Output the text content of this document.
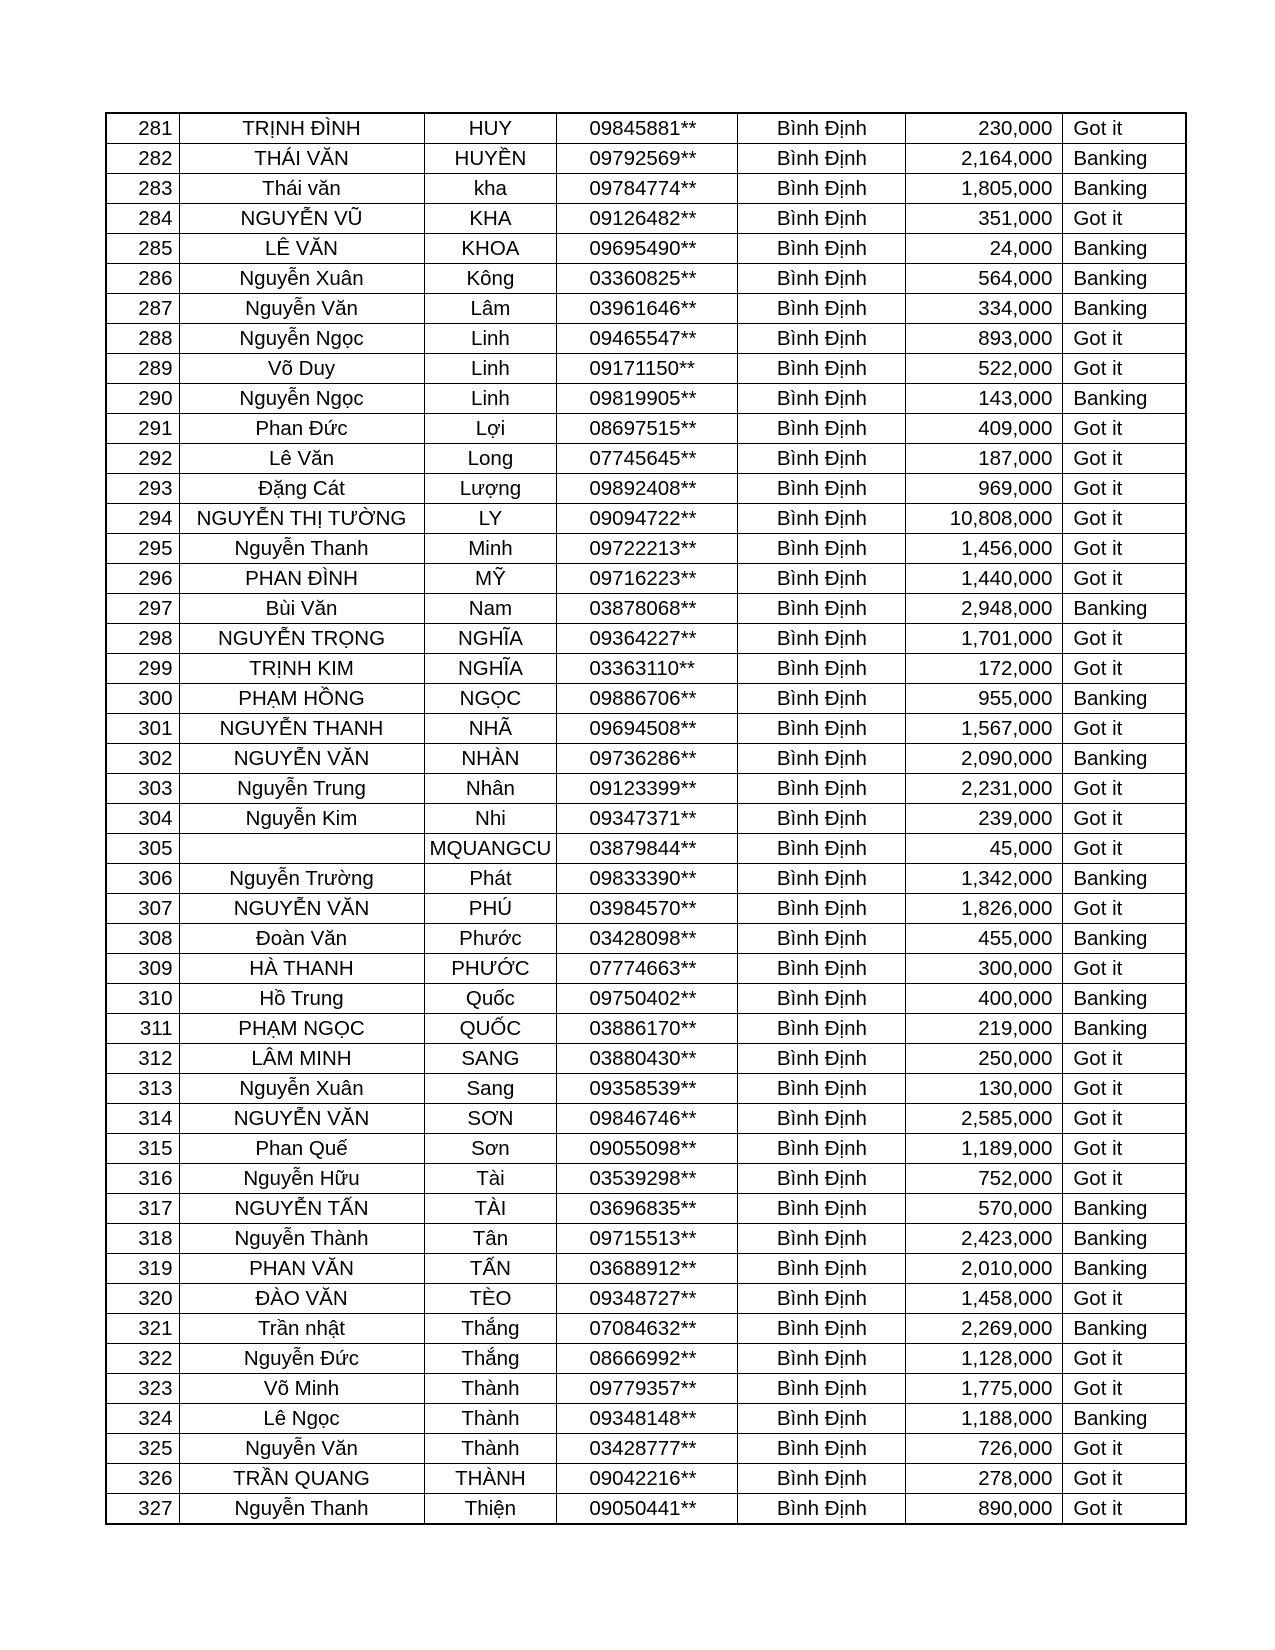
281	TRỊNH ĐÌNH	HUY	09845881**	Bình Định	230,000	Got it
282	THÁI VĂN	HUYỀN	09792569**	Bình Định	2,164,000	Banking
283	Thái văn	kha	09784774**	Bình Định	1,805,000	Banking
284	NGUYỄN VŨ	KHA	09126482**	Bình Định	351,000	Got it
285	LÊ VĂN	KHOA	09695490**	Bình Định	24,000	Banking
286	Nguyễn Xuân	Kông	03360825**	Bình Định	564,000	Banking
287	Nguyễn Văn	Lâm	03961646**	Bình Định	334,000	Banking
288	Nguyễn Ngọc	Linh	09465547**	Bình Định	893,000	Got it
289	Võ Duy	Linh	09171150**	Bình Định	522,000	Got it
290	Nguyễn Ngọc	Linh	09819905**	Bình Định	143,000	Banking
291	Phan Đức	Lợi	08697515**	Bình Định	409,000	Got it
292	Lê Văn	Long	07745645**	Bình Định	187,000	Got it
293	Đặng Cát	Lượng	09892408**	Bình Định	969,000	Got it
294	NGUYỄN THỊ TƯỜNG	LY	09094722**	Bình Định	10,808,000	Got it
295	Nguyễn Thanh	Minh	09722213**	Bình Định	1,456,000	Got it
296	PHAN ĐÌNH	MỸ	09716223**	Bình Định	1,440,000	Got it
297	Bùi Văn	Nam	03878068**	Bình Định	2,948,000	Banking
298	NGUYỄN TRỌNG	NGHĨA	09364227**	Bình Định	1,701,000	Got it
299	TRỊNH KIM	NGHĨA	03363110**	Bình Định	172,000	Got it
300	PHẠM HỒNG	NGỌC	09886706**	Bình Định	955,000	Banking
301	NGUYỄN THANH	NHÃ	09694508**	Bình Định	1,567,000	Got it
302	NGUYỄN VĂN	NHÀN	09736286**	Bình Định	2,090,000	Banking
303	Nguyễn Trung	Nhân	09123399**	Bình Định	2,231,000	Got it
304	Nguyễn Kim	Nhi	09347371**	Bình Định	239,000	Got it
305		MQUANGCU	03879844**	Bình Định	45,000	Got it
306	Nguyễn Trường	Phát	09833390**	Bình Định	1,342,000	Banking
307	NGUYỄN VĂN	PHÚ	03984570**	Bình Định	1,826,000	Got it
308	Đoàn Văn	Phước	03428098**	Bình Định	455,000	Banking
309	HÀ THANH	PHƯỚC	07774663**	Bình Định	300,000	Got it
310	Hồ Trung	Quốc	09750402**	Bình Định	400,000	Banking
311	PHẠM NGỌC	QUỐC	03886170**	Bình Định	219,000	Banking
312	LÂM MINH	SANG	03880430**	Bình Định	250,000	Got it
313	Nguyễn Xuân	Sang	09358539**	Bình Định	130,000	Got it
314	NGUYỄN VĂN	SƠN	09846746**	Bình Định	2,585,000	Got it
315	Phan Quế	Sơn	09055098**	Bình Định	1,189,000	Got it
316	Nguyễn Hữu	Tài	03539298**	Bình Định	752,000	Got it
317	NGUYỄN TẤN	TÀI	03696835**	Bình Định	570,000	Banking
318	Nguyễn Thành	Tân	09715513**	Bình Định	2,423,000	Banking
319	PHAN VĂN	TẤN	03688912**	Bình Định	2,010,000	Banking
320	ĐÀO VĂN	TÈO	09348727**	Bình Định	1,458,000	Got it
321	Trần nhật	Thắng	07084632**	Bình Định	2,269,000	Banking
322	Nguyễn Đức	Thắng	08666992**	Bình Định	1,128,000	Got it
323	Võ Minh	Thành	09779357**	Bình Định	1,775,000	Got it
324	Lê Ngọc	Thành	09348148**	Bình Định	1,188,000	Banking
325	Nguyễn Văn	Thành	03428777**	Bình Định	726,000	Got it
326	TRẦN QUANG	THÀNH	09042216**	Bình Định	278,000	Got it
327	Nguyễn Thanh	Thiện	09050441**	Bình Định	890,000	Got it
